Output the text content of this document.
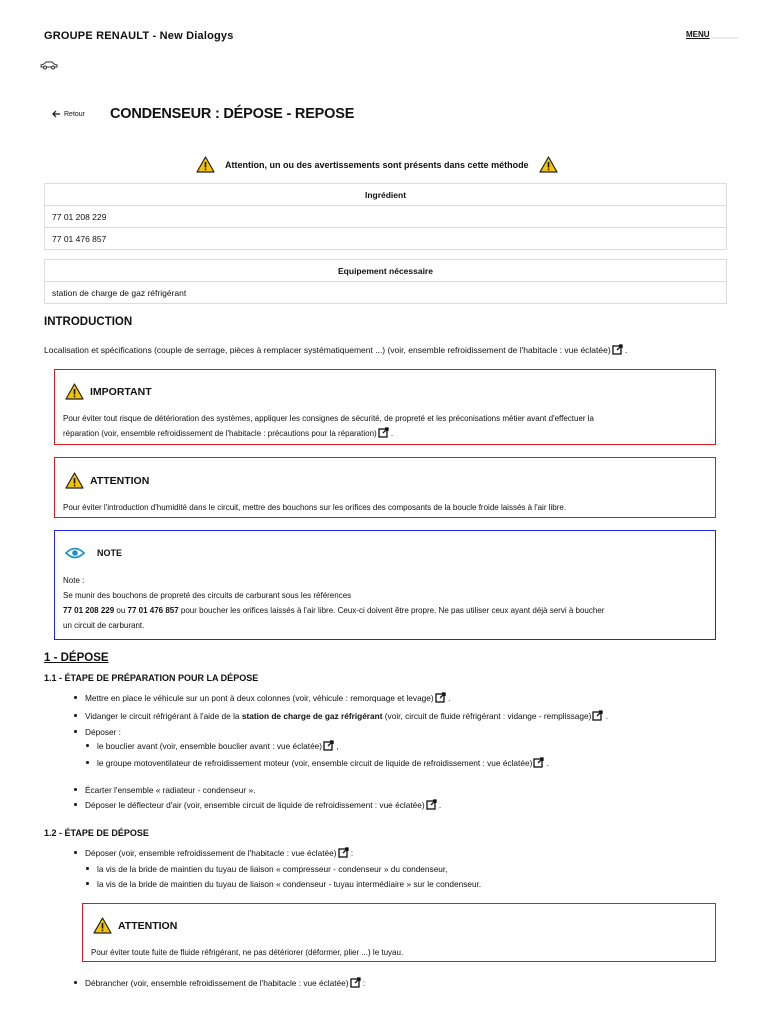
GROUPE RENAULT - New Dialogys	MENU
Retour CONDENSEUR : DÉPOSE - REPOSE
Attention, un ou des avertissements sont présents dans cette méthode
Ingrédient
77 01 208 229
77 01 476 857
Equipement nécessaire
station de charge de gaz réfrigérant
INTRODUCTION
Localisation et spécifications (couple de serrage, pièces à remplacer systématiquement ...) (voir, ensemble refroidissement de l'habitacle : vue éclatée) .
IMPORTANT
Pour éviter tout risque de détérioration des systèmes, appliquer les consignes de sécurité, de propreté et les préconisations métier avant d'effectuer la
réparation (voir, ensemble refroidissement de l'habitacle : précautions pour la réparation) .
ATTENTION
Pour éviter l'introduction d'humidité dans le circuit, mettre des bouchons sur les orifices des composants de la boucle froide laissés à l'air libre.
NOTE
Note :
Se munir des bouchons de propreté des circuits de carburant sous les références
77 01 208 229 ou 77 01 476 857 pour boucher les orifices laissés à l'air libre. Ceux-ci doivent être propre. Ne pas utiliser ceux ayant déjà servi à boucher
un circuit de carburant.
1 - DÉPOSE
1.1 - ÉTAPE DE PRÉPARATION POUR LA DÉPOSE
Mettre en place le véhicule sur un pont à deux colonnes (voir, véhicule : remorquage et levage) .
Vidanger le circuit réfrigérant à l'aide de la station de charge de gaz réfrigérant (voir, circuit de fluide réfrigérant : vidange - remplissage) .
Déposer :
le bouclier avant (voir, ensemble bouclier avant : vue éclatée) ,
le groupe motoventilateur de refroidissement moteur (voir, ensemble circuit de liquide de refroidissement : vue éclatée) .
Écarter l'ensemble « radiateur - condenseur ».
Déposer le déflecteur d'air (voir, ensemble circuit de liquide de refroidissement : vue éclatée) .
1.2 - ÉTAPE DE DÉPOSE
Déposer (voir, ensemble refroidissement de l'habitacle : vue éclatée) :
la vis de la bride de maintien du tuyau de liaison « compresseur - condenseur » du condenseur,
la vis de la bride de maintien du tuyau de liaison « condenseur - tuyau intermédiaire » sur le condenseur.
ATTENTION
Pour éviter toute fuite de fluide réfrigérant, ne pas détériorer (déformer, plier ...) le tuyau.
Débrancher (voir, ensemble refroidissement de l'habitacle : vue éclatée) :
